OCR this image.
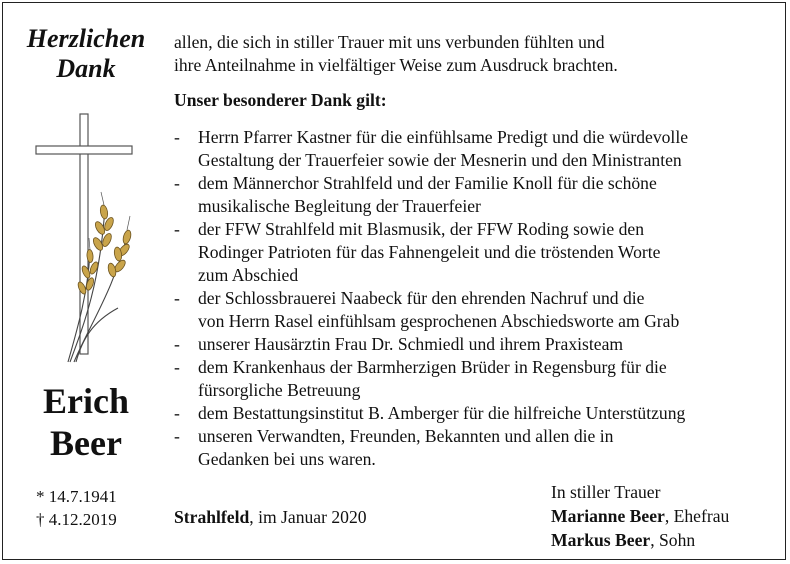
Herzlichen
Dank
Erich
Beer
* 14.7.1941
† 4.12.2019

allen, die sich in stiller Trauer mit uns verbunden fühlten und

ihre Anteilnahme in vielfältiger Weise zum Ausdruck brachten.

Unser besonderer Dank gilt:
- Herrn Pfarrer Kastner für die einfühlsame Predigt und die würdevolle
Gestaltung der Trauerfeier sowie der Mesnerin und den Ministranten
- dem Männerchor Strahlfeld und der Familie Knoll für die schöne
musikalische Begleitung der Trauerfeier
- der FFW Strahlfeld mit Blasmusik, der FFW Roding sowie den
Rodinger Patrioten für das Fahnengeleit und die tröstenden Worte
zum Abschied
- der Schlossbrauerei Naabeck für den ehrenden Nachruf und die
von Herrn Rasel einfühlsam gesprochenen Abschiedsworte am Grab
- unserer Hausärztin Frau Dr. Schmiedl und ihrem Praxisteam
- dem Krankenhaus der Barmherzigen Brüder in Regensburg für die
fürsorgliche Betreuung
- dem Bestattungsinstitut B. Amberger für die hilfreiche Unterstützung
- unseren Verwandten, Freunden, Bekannten und allen die in
Gedanken bei uns waren.
Strahlfeld, im Januar 2020
In stiller Trauer
Marianne Beer, Ehefrau
Markus Beer, Sohn
